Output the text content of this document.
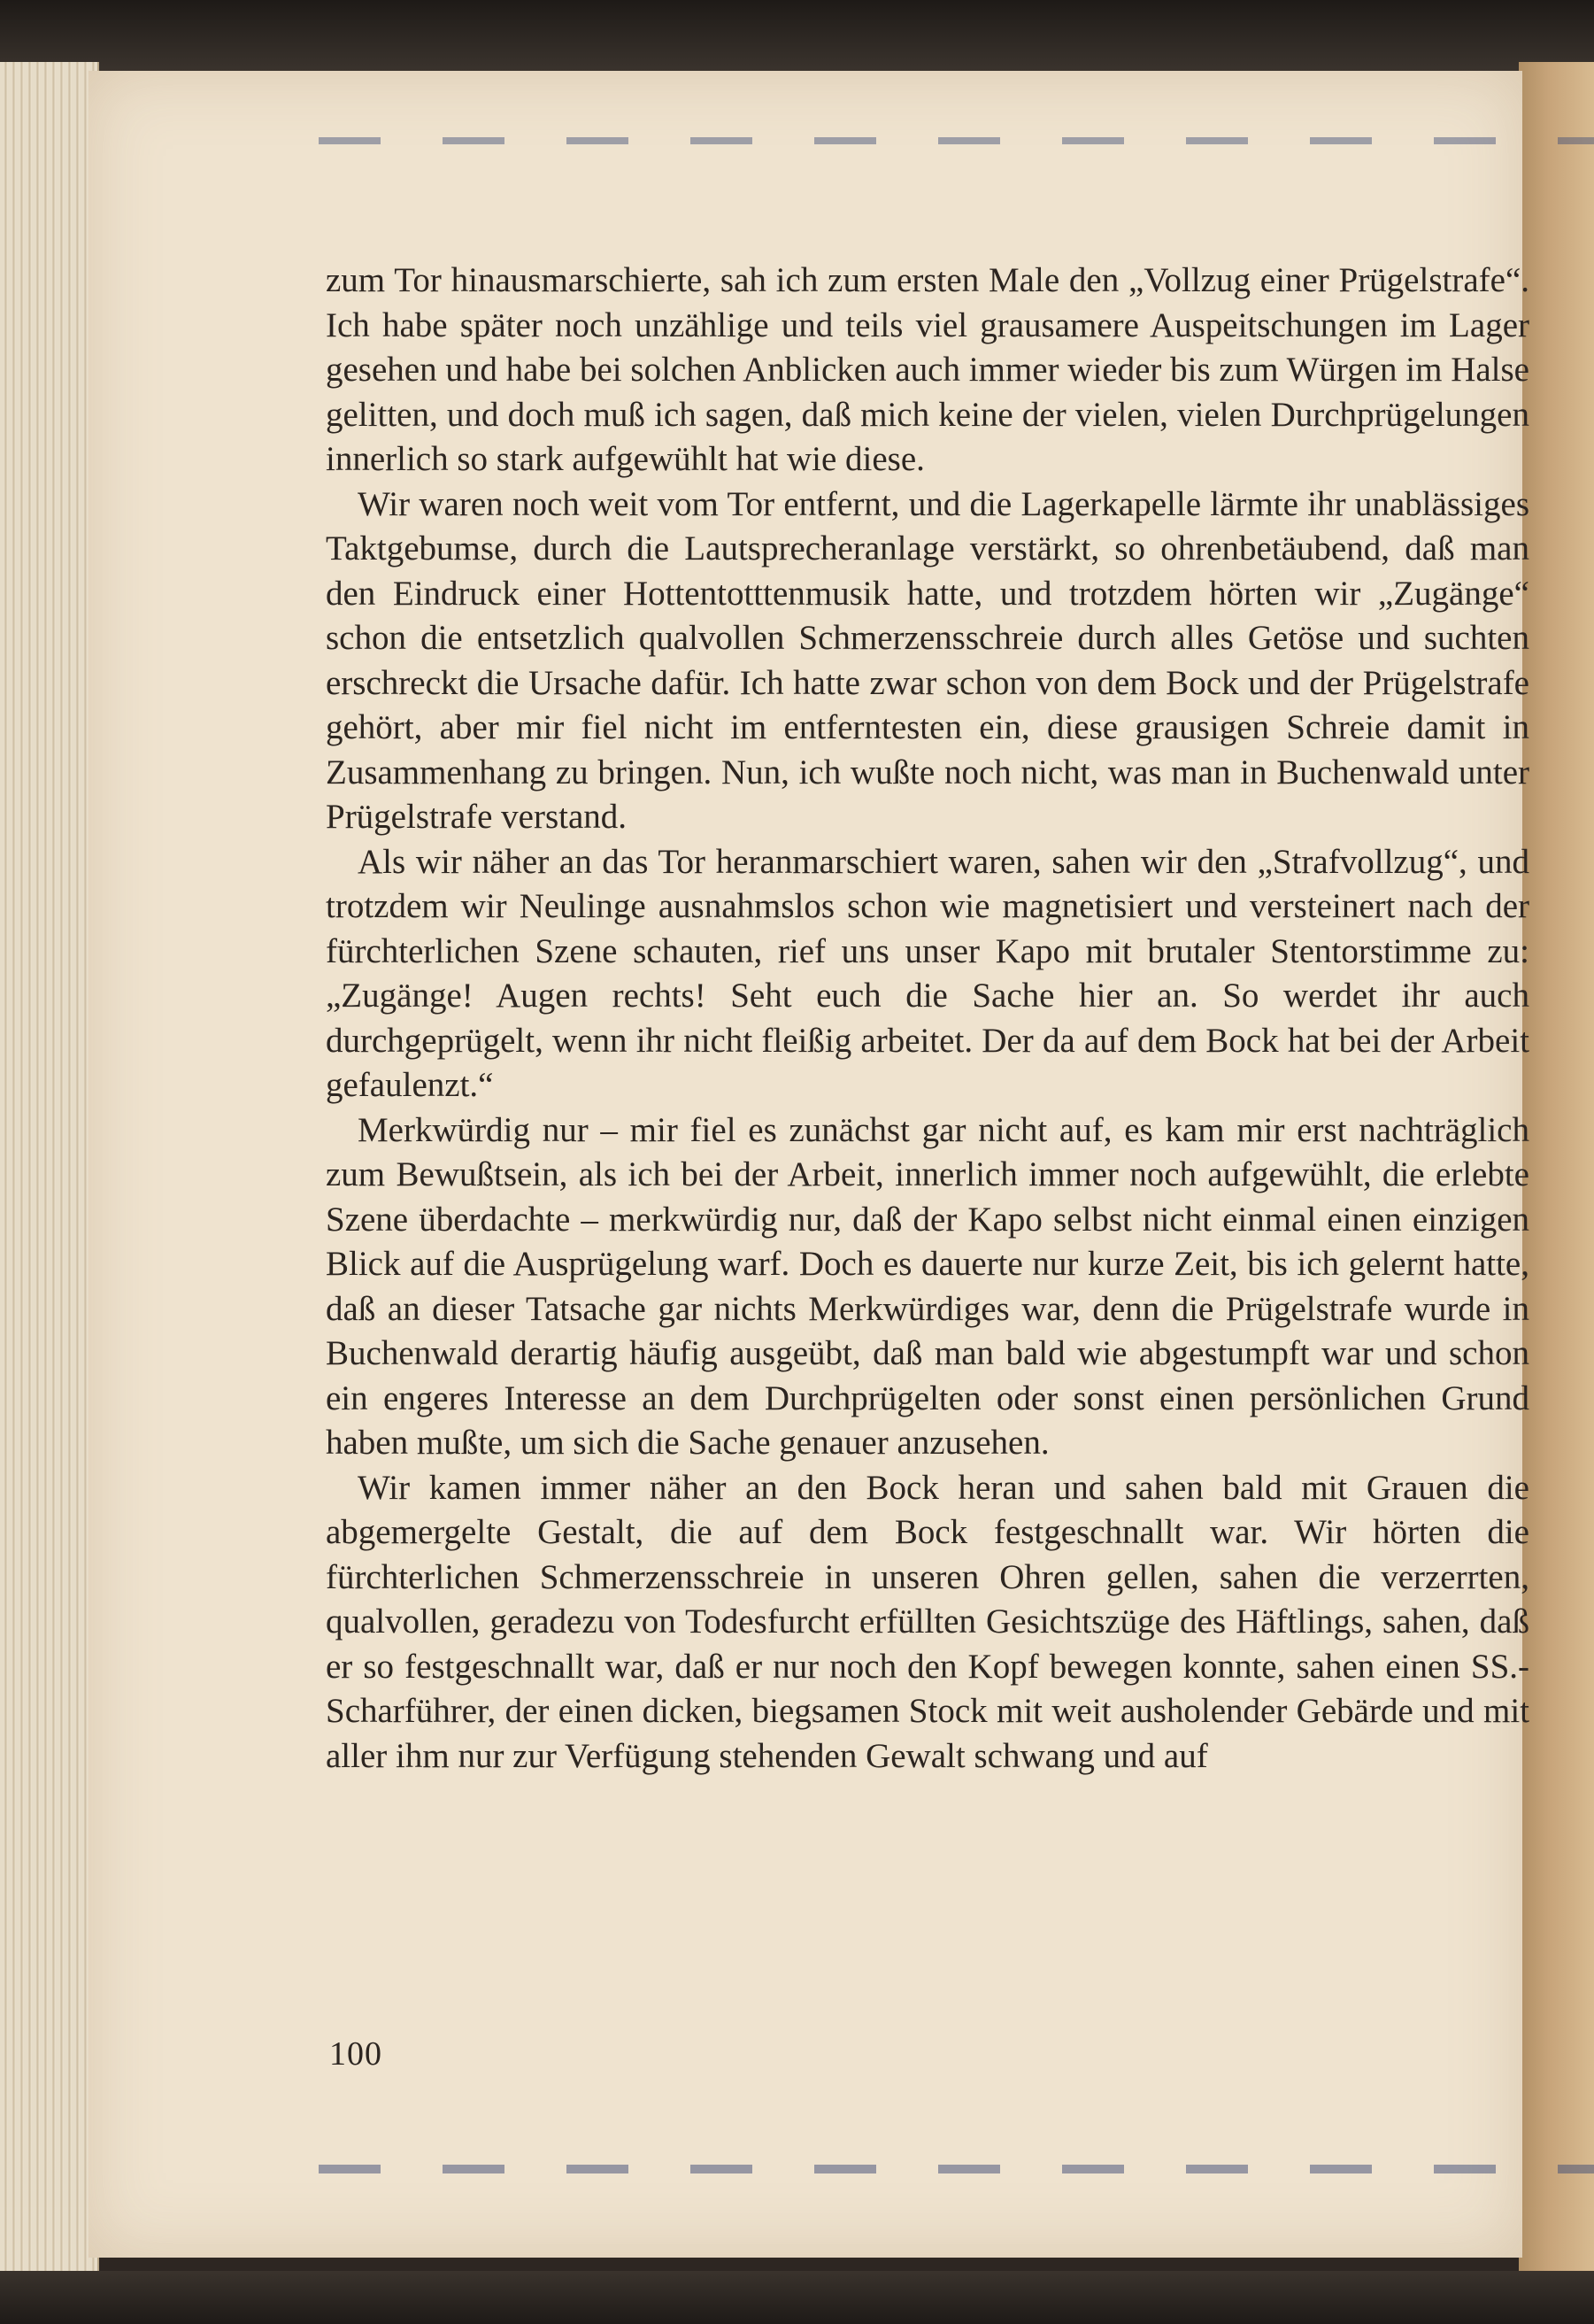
zum Tor hinausmarschierte, sah ich zum ersten Male den „Vollzug einer Prügelstrafe“. Ich habe später noch unzählige und teils viel grausamere Auspeitschungen im Lager gesehen und habe bei solchen Anblicken auch immer wieder bis zum Würgen im Halse gelitten, und doch muß ich sagen, daß mich keine der vielen, vielen Durchprügelungen innerlich so stark aufgewühlt hat wie diese.

Wir waren noch weit vom Tor entfernt, und die Lagerkapelle lärmte ihr unablässiges Taktgebumse, durch die Lautsprecheranlage verstärkt, so ohrenbetäubend, daß man den Eindruck einer Hottentotttenmusik hatte, und trotzdem hörten wir „Zugänge“ schon die entsetzlich qualvollen Schmerzensschreie durch alles Getöse und suchten erschreckt die Ursache dafür. Ich hatte zwar schon von dem Bock und der Prügelstrafe gehört, aber mir fiel nicht im entferntesten ein, diese grausigen Schreie damit in Zusammenhang zu bringen. Nun, ich wußte noch nicht, was man in Buchenwald unter Prügelstrafe verstand.

Als wir näher an das Tor heranmarschiert waren, sahen wir den „Strafvollzug“, und trotzdem wir Neulinge ausnahmslos schon wie magnetisiert und versteinert nach der fürchterlichen Szene schauten, rief uns unser Kapo mit brutaler Stentorstimme zu: „Zugänge! Augen rechts! Seht euch die Sache hier an. So werdet ihr auch durchgeprügelt, wenn ihr nicht fleißig arbeitet. Der da auf dem Bock hat bei der Arbeit gefaulenzt.“

Merkwürdig nur – mir fiel es zunächst gar nicht auf, es kam mir erst nachträglich zum Bewußtsein, als ich bei der Arbeit, innerlich immer noch aufgewühlt, die erlebte Szene überdachte – merkwürdig nur, daß der Kapo selbst nicht einmal einen einzigen Blick auf die Ausprügelung warf. Doch es dauerte nur kurze Zeit, bis ich gelernt hatte, daß an dieser Tatsache gar nichts Merkwürdiges war, denn die Prügelstrafe wurde in Buchenwald derartig häufig ausgeübt, daß man bald wie abgestumpft war und schon ein engeres Interesse an dem Durchprügelten oder sonst einen persönlichen Grund haben mußte, um sich die Sache genauer anzusehen.

Wir kamen immer näher an den Bock heran und sahen bald mit Grauen die abgemergelte Gestalt, die auf dem Bock festgeschnallt war. Wir hörten die fürchterlichen Schmerzensschreie in unseren Ohren gellen, sahen die verzerrten, qualvollen, geradezu von Todesfurcht erfüllten Gesichtszüge des Häftlings, sahen, daß er so festgeschnallt war, daß er nur noch den Kopf bewegen konnte, sahen einen SS.-Scharführer, der einen dicken, biegsamen Stock mit weit ausholender Gebärde und mit aller ihm nur zur Verfügung stehenden Gewalt schwang und auf

100
